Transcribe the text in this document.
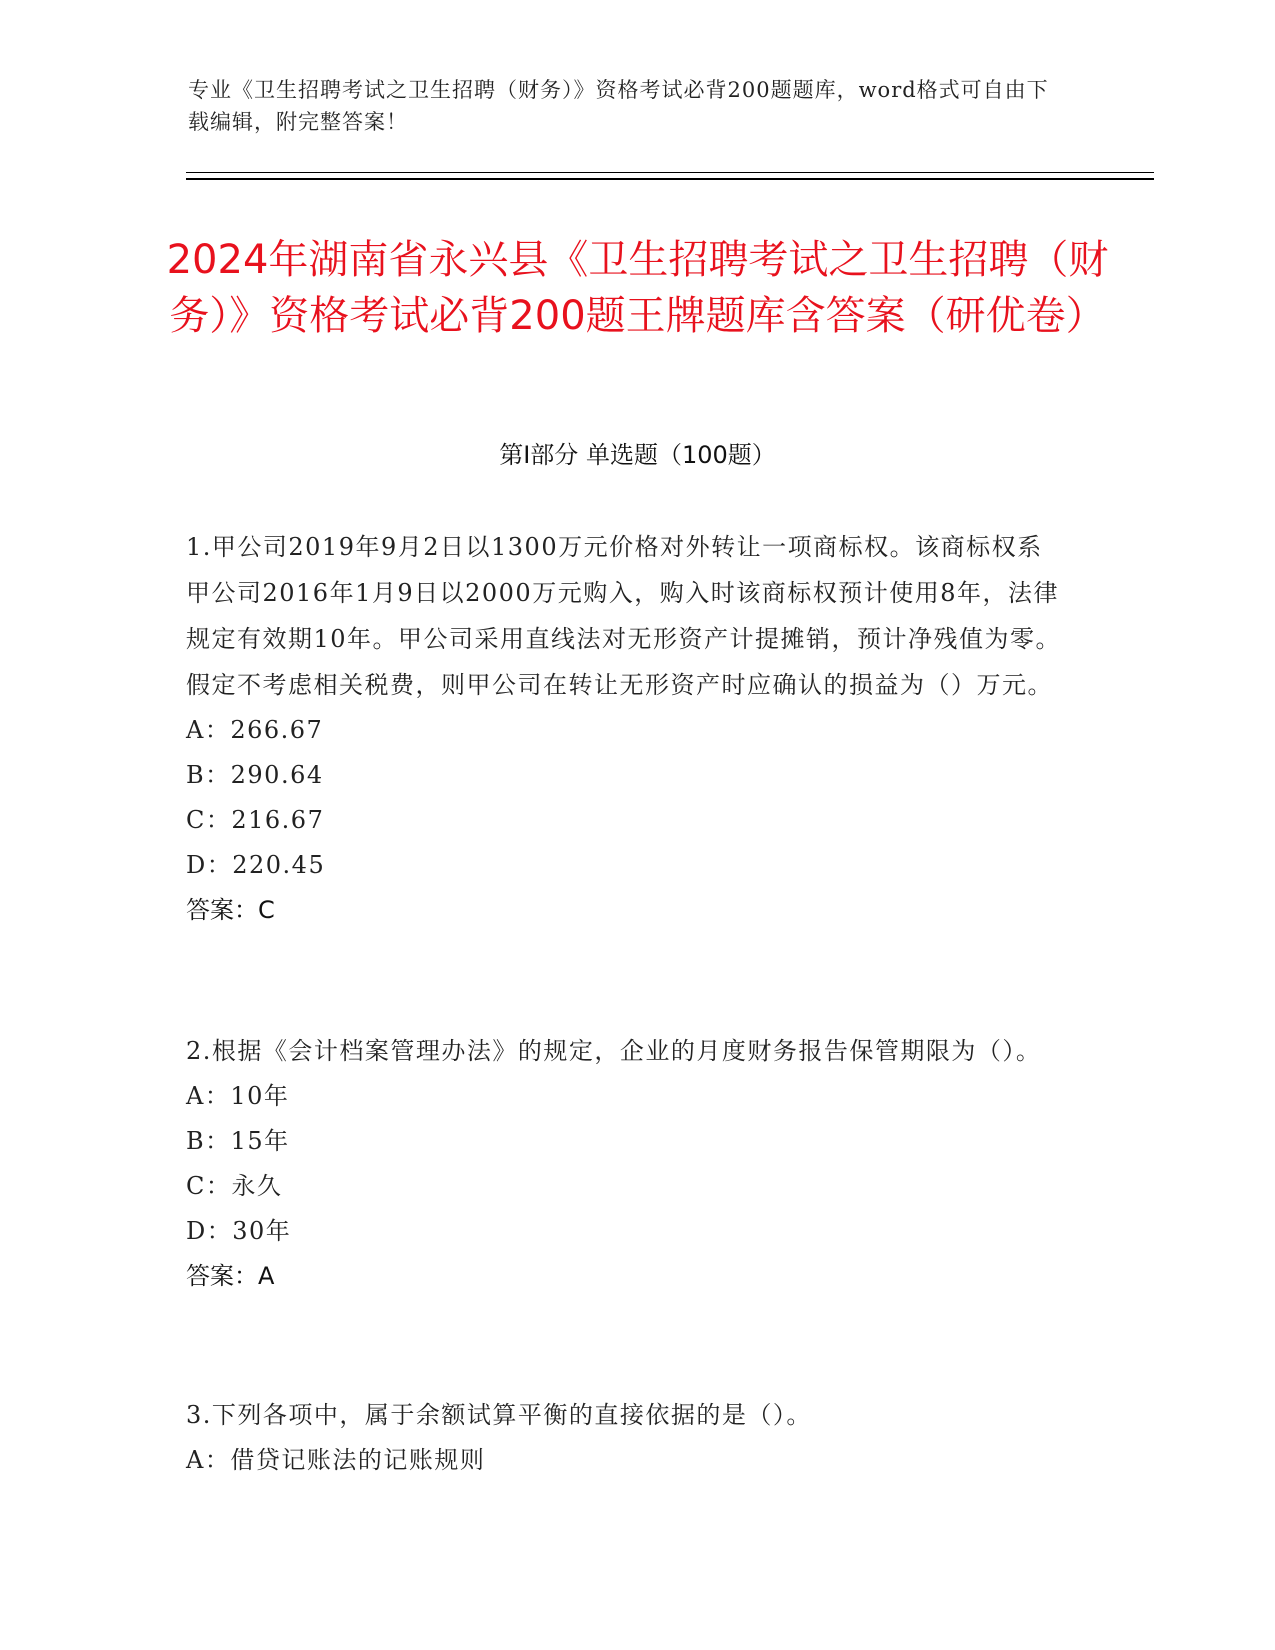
专业《卫生招聘考试之卫生招聘（财务）》资格考试必背200题题库，word格式可自由下载编辑，附完整答案！
2024年湖南省永兴县《卫生招聘考试之卫生招聘（财务）》资格考试必背200题王牌题库含答案（研优卷）
第Ⅰ部分 单选题（100题）

1.甲公司2019年9月2日以1300万元价格对外转让一项商标权。该商标权系甲公司2016年1月9日以2000万元购入，购入时该商标权预计使用8年，法律规定有效期10年。甲公司采用直线法对无形资产计提摊销，预计净残值为零。假定不考虑相关税费，则甲公司在转让无形资产时应确认的损益为（）万元。

A：266.67

B：290.64

C：216.67

D：220.45

答案：C

2.根据《会计档案管理办法》的规定，企业的月度财务报告保管期限为（）。

A：10年

B：15年

C：永久

D：30年

答案：A

3.下列各项中，属于余额试算平衡的直接依据的是（）。

A：借贷记账法的记账规则
